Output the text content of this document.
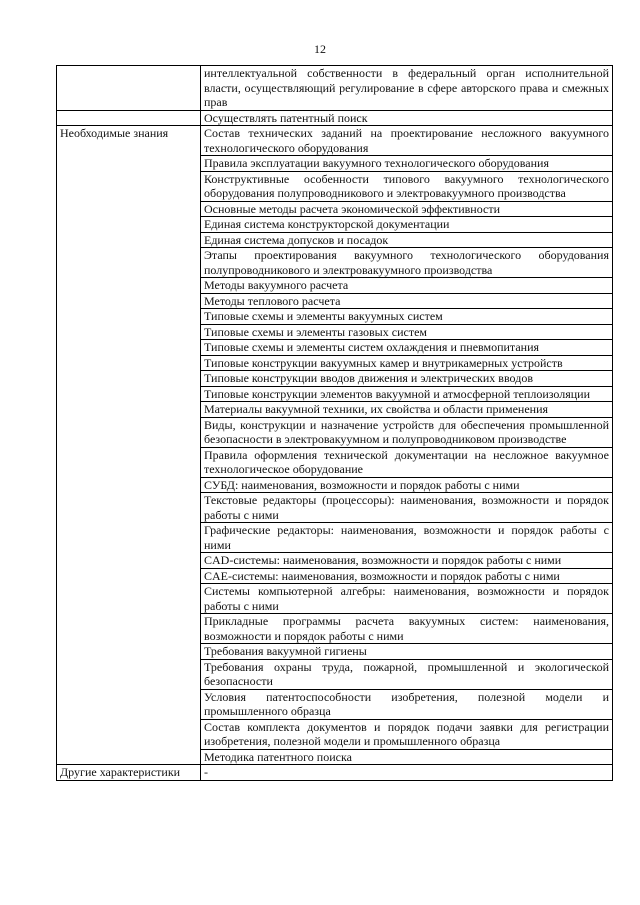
12
	интеллектуальной собственности в федеральный орган исполнительной власти, осуществляющий регулирование в сфере авторского права и смежных прав
	Осуществлять патентный поиск
Необходимые знания	Состав технических заданий на проектирование несложного вакуумного технологического оборудования
	Правила эксплуатации вакуумного технологического оборудования
	Конструктивные особенности типового вакуумного технологического оборудования полупроводникового и электровакуумного производства
	Основные методы расчета экономической эффективности
	Единая система конструкторской документации
	Единая система допусков и посадок
	Этапы проектирования вакуумного технологического оборудования полупроводникового и электровакуумного производства
	Методы вакуумного расчета
	Методы теплового расчета
	Типовые схемы и элементы вакуумных систем
	Типовые схемы и элементы газовых систем
	Типовые схемы и элементы систем охлаждения и пневмопитания
	Типовые конструкции вакуумных камер и внутрикамерных устройств
	Типовые конструкции вводов движения и электрических вводов
	Типовые конструкции элементов вакуумной и атмосферной теплоизоляции
	Материалы вакуумной техники, их свойства и области применения
	Виды, конструкции и назначение устройств для обеспечения промышленной безопасности в электровакуумном и полупроводниковом производстве
	Правила оформления технической документации на несложное вакуумное технологическое оборудование
	СУБД: наименования, возможности и порядок работы с ними
	Текстовые редакторы (процессоры): наименования, возможности и порядок работы с ними
	Графические редакторы: наименования, возможности и порядок работы с ними
	CAD-системы: наименования, возможности и порядок работы с ними
	CAE-системы: наименования, возможности и порядок работы с ними
	Системы компьютерной алгебры: наименования, возможности и порядок работы с ними
	Прикладные программы расчета вакуумных систем: наименования, возможности и порядок работы с ними
	Требования вакуумной гигиены
	Требования охраны труда, пожарной, промышленной и экологической безопасности
	Условия патентоспособности изобретения, полезной модели и промышленного образца
	Состав комплекта документов и порядок подачи заявки для регистрации изобретения, полезной модели и промышленного образца
	Методика патентного поиска
Другие характеристики	-
